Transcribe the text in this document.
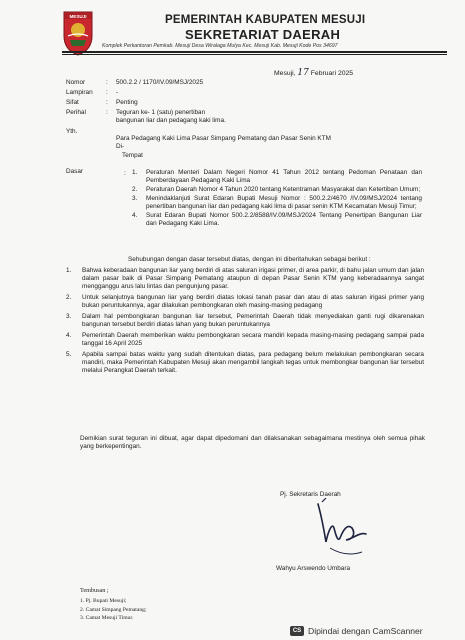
MESUJI	PEMERINTAH KABUPATEN MESUJI
SEKRETARIAT DAERAH
Komplek Perkantoran Pemkab. Mesuji Desa Wiralaga Mulya Kec. Mesuji Kab. Mesuji Kode Pos 34697
Mesuji, 17 Februari 2025
Nomor	: 500.2.2 / 1170/IV.09/MSJ/2025
Lampiran	: -
Sifat	: Penting
Perihal	: Teguran ke- 1 (satu) penertiban
bangunan liar dan pedagang kaki lima.
Yth.
Para Pedagang Kaki Lima Pasar Simpang Pematang dan Pasar Senin KTM
Di-
Tempat
Dasar	: 1. Peraturan Menteri Dalam Negeri Nomor 41 Tahun 2012 tentang Pedoman Penataan dan Pemberdayaan Pedagang Kaki Lima
2. Peraturan Daerah Nomor 4 Tahun 2020 tentang Ketentraman Masyarakat dan Ketertiban Umum;
3. Menindaklanjuti Surat Edaran Bupati Mesuji Nomor : 500.2.2/4670 /IV.09/MSJ/2024 tentang penertiban bangunan liar dan pedagang kaki lima di pasar senin KTM Kecamatan Mesuji Timur;
4. Surat Edaran Bupati Nomor 500.2.2/8588/IV.09/MSJ/2024 Tentang Penertipan Bangunan Liar dan Pedagang Kaki Lima.
Sehubungan dengan dasar tersebut diatas, dengan ini diberitahukan sebagai berikut :
1. Bahwa keberadaan bangunan liar yang berdiri di atas saluran irigasi primer, di area parkir, di bahu jalan umum dan jalan dalam pasar baik di Pasar Simpang Pematang ataupun di depan Pasar Senin KTM yang keberadaannya sangat mengganggu arus lalu lintas dan pengunjung pasar.
2. Untuk selanjutnya bangunan liar yang berdiri diatas lokasi tanah pasar dan atau di atas saluran irigasi primer yang bukan peruntukannya, agar dilakukan pembongkaran oleh masing-masing pedagang
3. Dalam hal pembongkaran bangunan liar tersebut, Pemerintah Daerah tidak menyediakan ganti rugi dikarenakan bangunan tersebut berdiri diatas lahan yang bukan peruntukannya
4. Pemerintah Daerah memberikan waktu pembongkaran secara mandiri kepada masing-masing pedagang sampai pada tanggal 16 April 2025
5. Apabila sampai batas waktu yang sudah ditentukan diatas, para pedagang belum melakukan pembongkaran secara mandiri, maka Pemerintah Kabupaten Mesuji akan mengambil langkah tegas untuk membongkar bangunan liar tersebut melalui Perangkat Daerah terkait.
Demikian surat teguran ini dibuat, agar dapat dipedomani dan dilaksanakan sebagaimana mestinya oleh semua pihak yang berkepentingan.
Pj. Sekretaris Daerah
Wahyu Arswendo Umbara
Tembusan ;
1. Pj. Bupati Mesuji;
2. Camat Simpang Pematang;
3. Camat Mesuji Timur.
CS Dipindai dengan CamScanner
